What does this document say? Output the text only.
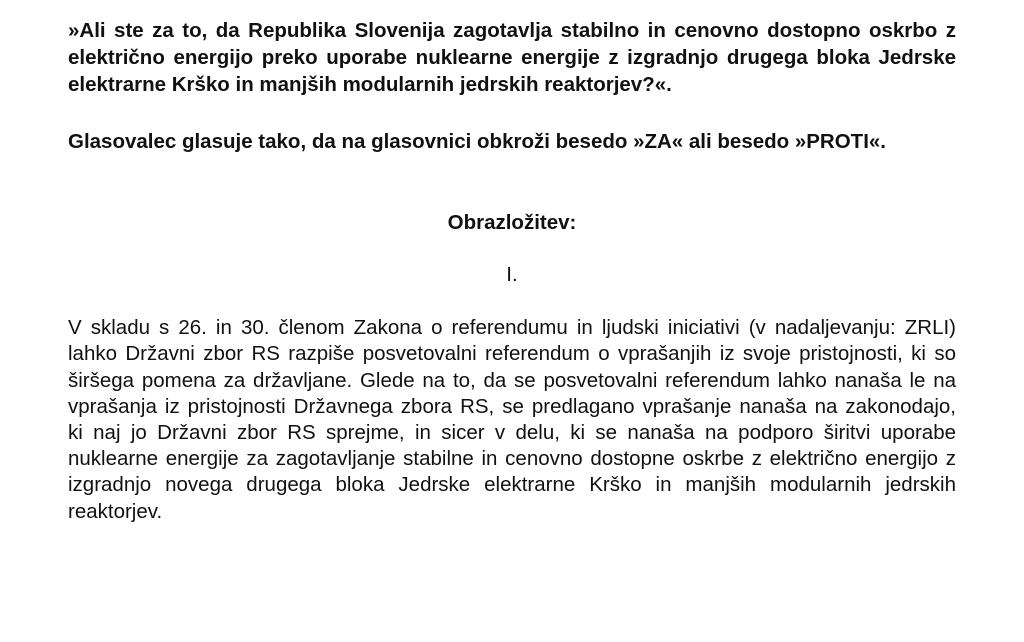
»Ali ste za to, da Republika Slovenija zagotavlja stabilno in cenovno dostopno oskrbo z električno energijo preko uporabe nuklearne energije z izgradnjo drugega bloka Jedrske elektrarne Krško in manjših modularnih jedrskih reaktorjev?«.

Glasovalec glasuje tako, da na glasovnici obkroži besedo »ZA« ali besedo »PROTI«.

Obrazložitev:

I.

V skladu s 26. in 30. členom Zakona o referendumu in ljudski iniciativi (v nadaljevanju: ZRLI) lahko Državni zbor RS razpiše posvetovalni referendum o vprašanjih iz svoje pristojnosti, ki so širšega pomena za državljane. Glede na to, da se posvetovalni referendum lahko nanaša le na vprašanja iz pristojnosti Državnega zbora RS, se predlagano vprašanje nanaša na zakonodajo, ki naj jo Državni zbor RS sprejme, in sicer v delu, ki se nanaša na podporo širitvi uporabe nuklearne energije za zagotavljanje stabilne in cenovno dostopne oskrbe z električno energijo z izgradnjo novega drugega bloka Jedrske elektrarne Krško in manjših modularnih jedrskih reaktorjev.
